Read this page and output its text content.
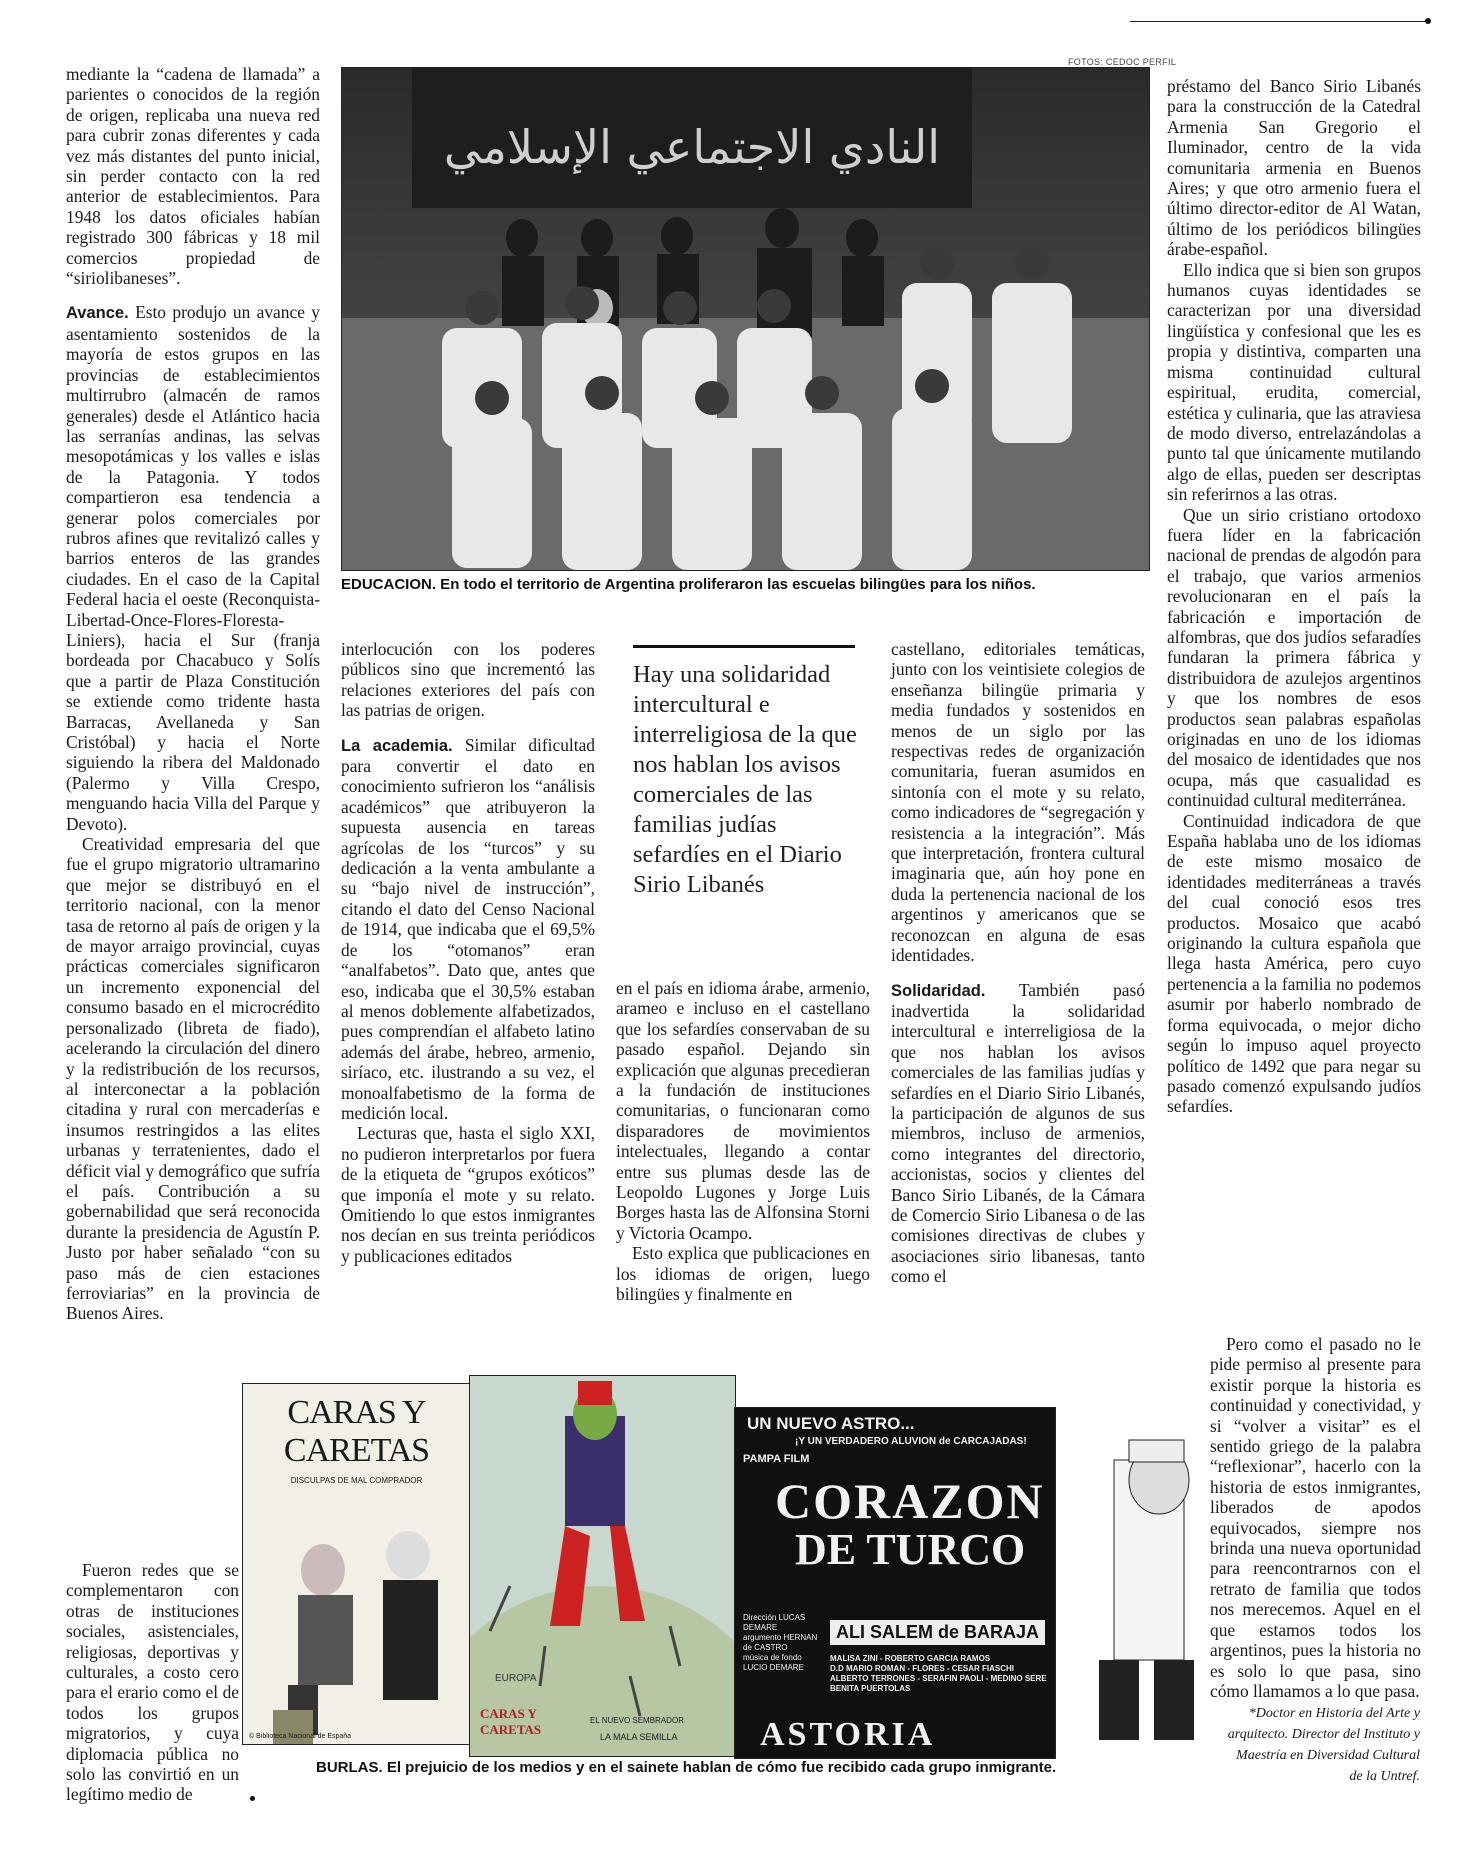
FOTOS: CEDOC PERFIL
النادي الاجتماعي الإسلامي
EDUCACION. En todo el territorio de Argentina proliferaron las escuelas bilingües para los niños.

mediante la “cadena de llamada” a parientes o conocidos de la región de origen, replicaba una nueva red para cubrir zonas diferentes y cada vez más distantes del punto inicial, sin perder contacto con la red anterior de establecimientos. Para 1948 los datos oficiales habían registrado 300 fábricas y 18 mil comercios propiedad de “siriolibaneses”.

Avance. Esto produjo un avance y asentamiento sostenidos de la mayoría de estos grupos en las provincias de establecimientos multirrubro (almacén de ramos generales) desde el Atlántico hacia las serranías andinas, las selvas mesopotámicas y los valles e islas de la Patagonia. Y todos compartieron esa tendencia a generar polos comerciales por rubros afines que revitalizó calles y barrios enteros de las grandes ciudades. En el caso de la Capital Federal hacia el oeste (Reconquista-Libertad-Once-Flores-Floresta-Liniers), hacia el Sur (franja bordeada por Chacabuco y Solís que a partir de Plaza Constitución se extiende como tridente hasta Barracas, Avellaneda y San Cristóbal) y hacia el Norte siguiendo la ribera del Maldonado (Palermo y Villa Crespo, menguando hacia Villa del Parque y Devoto).

Creatividad empresaria del que fue el grupo migratorio ultramarino que mejor se distribuyó en el territorio nacional, con la menor tasa de retorno al país de origen y la de mayor arraigo provincial, cuyas prácticas comerciales significaron un incremento exponencial del consumo basado en el microcrédito personalizado (libreta de fiado), acelerando la circulación del dinero y la redistribución de los recursos, al interconectar a la población citadina y rural con mercaderías e insumos restringidos a las elites urbanas y terratenientes, dado el déficit vial y demográfico que sufría el país. Contribución a su gobernabilidad que será reconocida durante la presidencia de Agustín P. Justo por haber señalado “con su paso más de cien estaciones ferroviarias” en la provincia de Buenos Aires.

Fueron redes que se complementaron con otras de instituciones sociales, asistenciales, religiosas, deportivas y culturales, a costo cero para el erario como el de todos los grupos migratorios, y cuya diplomacia pública no solo las convirtió en un legítimo medio de

interlocución con los poderes públicos sino que incrementó las relaciones exteriores del país con las patrias de origen.

La academia. Similar dificultad para convertir el dato en conocimiento sufrieron los “análisis académicos” que atribuyeron la supuesta ausencia en tareas agrícolas de los “turcos” y su dedicación a la venta ambulante a su “bajo nivel de instrucción”, citando el dato del Censo Nacional de 1914, que indicaba que el 69,5% de los “otomanos” eran “analfabetos”. Dato que, antes que eso, indicaba que el 30,5% estaban al menos doblemente alfabetizados, pues comprendían el alfabeto latino además del árabe, hebreo, armenio, siríaco, etc. ilustrando a su vez, el monoalfabetismo de la forma de medición local.

Lecturas que, hasta el siglo XXI, no pudieron interpretarlos por fuera de la etiqueta de “grupos exóticos” que imponía el mote y su relato. Omitiendo lo que estos inmigrantes nos decían en sus treinta periódicos y publicaciones editados

Hay una solidaridad intercultural e interreligiosa de la que nos hablan los avisos comerciales de las familias judías sefardíes en el Diario Sirio Libanés

en el país en idioma árabe, armenio, arameo e incluso en el castellano que los sefardíes conservaban de su pasado español. Dejando sin explicación que algunas precedieran a la fundación de instituciones comunitarias, o funcionaran como disparadores de movimientos intelectuales, llegando a contar entre sus plumas desde las de Leopoldo Lugones y Jorge Luis Borges hasta las de Alfonsina Storni y Victoria Ocampo.

Esto explica que publicaciones en los idiomas de origen, luego bilingües y finalmente en

castellano, editoriales temáticas, junto con los veintisiete colegios de enseñanza bilingüe primaria y media fundados y sostenidos en menos de un siglo por las respectivas redes de organización comunitaria, fueran asumidos en sintonía con el mote y su relato, como indicadores de “segregación y resistencia a la integración”. Más que interpretación, frontera cultural imaginaria que, aún hoy pone en duda la pertenencia nacional de los argentinos y americanos que se reconozcan en alguna de esas identidades.

Solidaridad. También pasó inadvertida la solidaridad intercultural e interreligiosa de la que nos hablan los avisos comerciales de las familias judías y sefardíes en el Diario Sirio Libanés, la participación de algunos de sus miembros, incluso de armenios, como integrantes del directorio, accionistas, socios y clientes del Banco Sirio Libanés, de la Cámara de Comercio Sirio Libanesa o de las comisiones directivas de clubes y asociaciones sirio libanesas, tanto como el

préstamo del Banco Sirio Libanés para la construcción de la Catedral Armenia San Gregorio el Iluminador, centro de la vida comunitaria armenia en Buenos Aires; y que otro armenio fuera el último director-editor de Al Watan, último de los periódicos bilingües árabe-español.

Ello indica que si bien son grupos humanos cuyas identidades se caracterizan por una diversidad lingüística y confesional que les es propia y distintiva, comparten una misma continuidad cultural espiritual, erudita, comercial, estética y culinaria, que las atraviesa de modo diverso, entrelazándolas a punto tal que únicamente mutilando algo de ellas, pueden ser descriptas sin referirnos a las otras.

Que un sirio cristiano ortodoxo fuera líder en la fabricación nacional de prendas de algodón para el trabajo, que varios armenios revolucionaran en el país la fabricación e importación de alfombras, que dos judíos sefaradíes fundaran la primera fábrica y distribuidora de azulejos argentinos y que los nombres de esos productos sean palabras españolas originadas en uno de los idiomas del mosaico de identidades que nos ocupa, más que casualidad es continuidad cultural mediterránea.

Continuidad indicadora de que España hablaba uno de los idiomas de este mismo mosaico de identidades mediterráneas a través del cual conoció esos tres productos. Mosaico que acabó originando la cultura española que llega hasta América, pero cuyo pertenencia a la familia no podemos asumir por haberlo nombrado de forma equivocada, o mejor dicho según lo impuso aquel proyecto político de 1492 que para negar su pasado comenzó expulsando judíos sefardíes.

Pero como el pasado no le pide permiso al presente para existir porque la historia es continuidad y conectividad, y si “volver a visitar” es el sentido griego de la palabra “reflexionar”, hacerlo con la historia de estos inmigrantes, liberados de apodos equivocados, siempre nos brinda una nueva oportunidad para reencontrarnos con el retrato de familia que todos nos merecemos. Aquel en el que estamos todos los argentinos, pues la historia no es solo lo que pasa, sino cómo llamamos a lo que pasa.

CARAS Y CARETAS
DISCULPAS DE MAL COMPRADOR
© Biblioteca Nacional de España
EUROPA
CARAS Y CARETAS
EL NUEVO SEMBRADOR
LA MALA SEMILLA
UN NUEVO ASTRO...
¡Y UN VERDADERO ALUVION de CARCAJADAS!
PAMPA FILM
CORAZON
DE TURCO
Dirección LUCAS DEMARE
argumento HERNAN de CASTRO
música de fondo LUCIO DEMARE
ALI SALEM de BARAJA
MALISA ZINI - ROBERTO GARCIA RAMOS
D.D MARIO ROMAN - FLORES - CESAR FIASCHI
ALBERTO TERRONES - SERAFIN PAOLI - MEDINO SERE
BENITA PUERTOLAS
ASTORIA
BURLAS. El prejuicio de los medios y en el sainete hablan de cómo fue recibido cada grupo inmigrante.
*Doctor en Historia del Arte y arquitecto. Director del Instituto y Maestría en Diversidad Cultural de la Untref.
